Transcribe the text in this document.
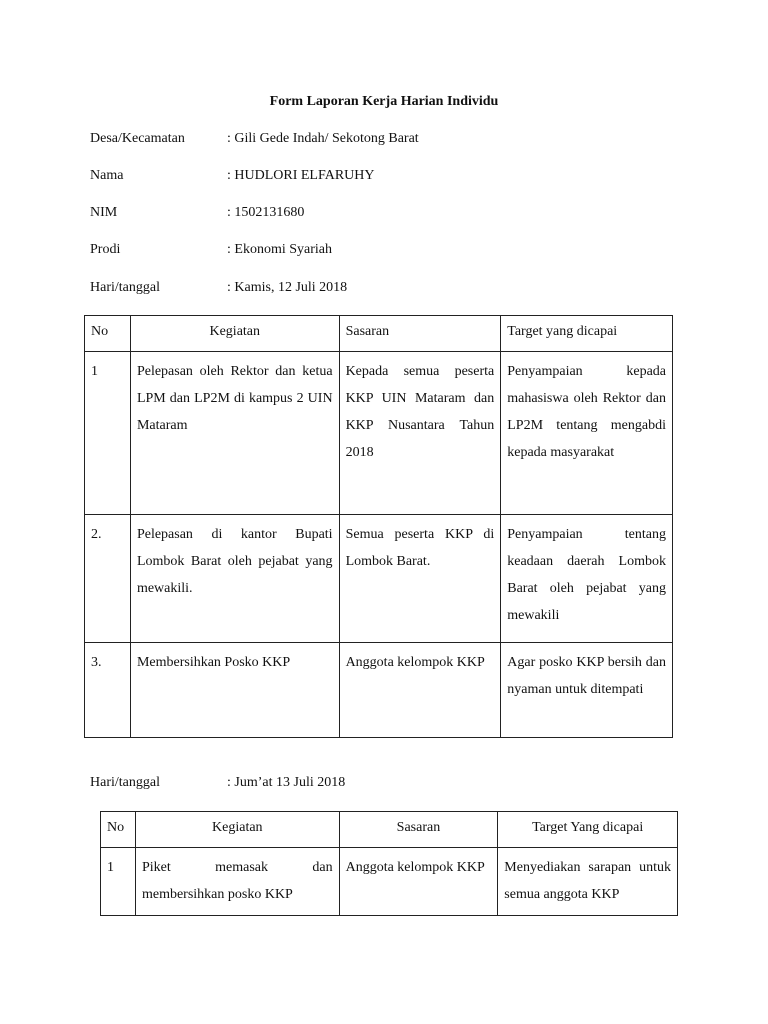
Form Laporan Kerja Harian Individu
Desa/Kecamatan	: Gili Gede Indah/ Sekotong Barat
Nama	: HUDLORI ELFARUHY
NIM	: 1502131680
Prodi	: Ekonomi Syariah
Hari/tanggal	: Kamis, 12 Juli 2018
No	Kegiatan	Sasaran	Target yang dicapai
1	Pelepasan oleh Rektor dan ketua LPM dan LP2M di kampus 2 UIN Mataram	Kepada semua peserta KKP UIN Mataram dan KKP Nusantara Tahun 2018	Penyampaian kepada mahasiswa oleh Rektor dan LP2M tentang mengabdi kepada masyarakat
2.	Pelepasan di kantor Bupati Lombok Barat oleh pejabat yang mewakili.	Semua peserta KKP di Lombok Barat.	Penyampaian tentang keadaan daerah Lombok Barat oleh pejabat yang mewakili
3.	Membersihkan Posko KKP	Anggota kelompok KKP	Agar posko KKP bersih dan nyaman untuk ditempati
Hari/tanggal	: Jum’at 13 Juli 2018
No	Kegiatan	Sasaran	Target Yang dicapai
1	Piket memasak dan membersihkan posko KKP	Anggota kelompok KKP	Menyediakan sarapan untuk semua anggota KKP
